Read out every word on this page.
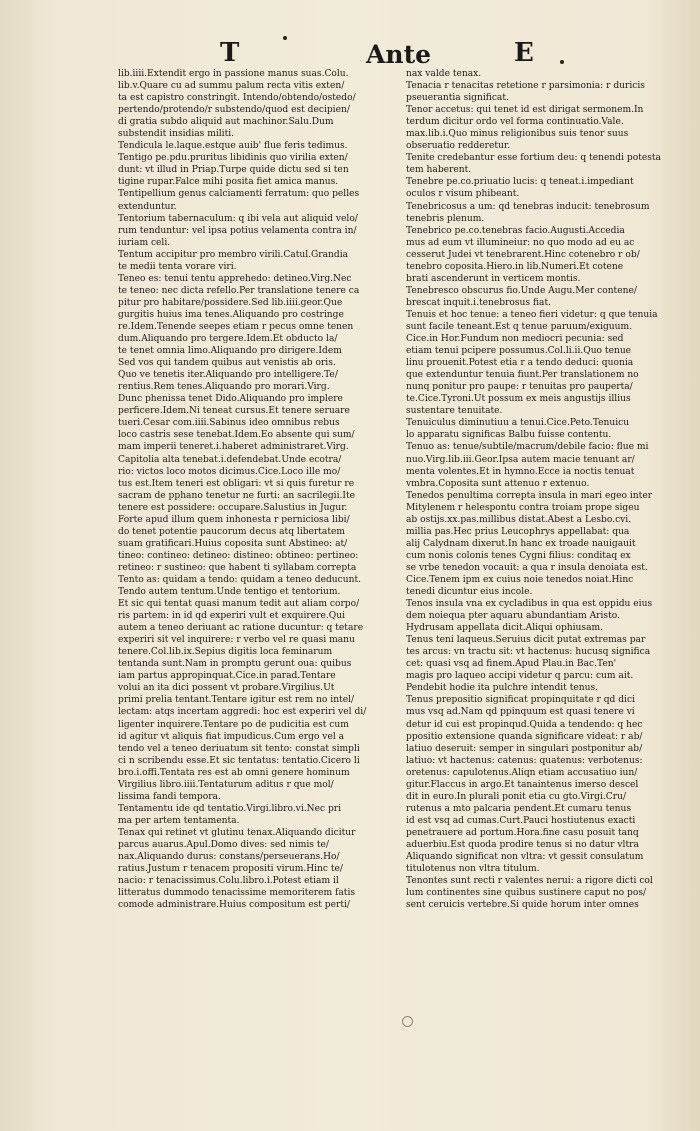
T	Ante	E
lib.iiii.Extendit ergo in passione manus suas.Colu.
lib.v.Quare cu ad summu palum recta vitis exten/
ta est capistro constringit. Intendo/obtendo/ostedo/
pertendo/protendo/r substendo/quod est decipien/
di gratia subdo aliquid aut machinor.Salu.Dum
substendit insidias militi.
Tendicula le.laque.estque auib' flue feris tedimus.
Tentigo pe.pdu.pruritus libidinis quo virilia exten/
dunt: vt illud in Priap.Turpe quide dictu sed si ten
tigine rupar.Falce mihi posita fiet amica manus.
Tentipellium genus calciamenti ferratum: quo pelles
extenduntur.
Tentorium tabernaculum: q ibi vela aut aliquid velo/
rum tenduntur: vel ipsa potius velamenta contra in/
iuriam celi.
Tentum accipitur pro membro virili.Catul.Grandia
te medii tenta vorare viri.
Teneo es: tenui tentu apprehedo: detineo.Virg.Nec
te teneo: nec dicta refello.Per translatione tenere ca
pitur pro habitare/possidere.Sed lib.iiii.geor.Que
gurgitis huius ima tenes.Aliquando pro costringe
re.Idem.Tenende seepes etiam r pecus omne tenen
dum.Aliquando pro tergere.Idem.Et obducto la/
te tenet omnia limo.Aliquando pro dirigere.Idem
Sed vos qui tandem quibus aut venistis ab oris.
Quo ve tenetis iter.Aliquando pro intelligere.Te/
rentius.Rem tenes.Aliquando pro morari.Virg.
Dunc phenissa tenet Dido.Aliquando pro implere
perficere.Idem.Ni teneat cursus.Et tenere seruare
tueri.Cesar com.iiii.Sabinus ideo omnibus rebus
loco castris sese tenebat.Idem.Eo absente qui sum/
mam imperii teneret.i.haberet administraret.Virg.
Capitolia alta tenebat.i.defendebat.Unde ecotra/
rio: victos loco motos dicimus.Cice.Loco ille mo/
tus est.Item teneri est obligari: vt si quis furetur re
sacram de pphano tenetur ne furti: an sacrilegii.Ite
tenere est possidere: occupare.Salustius in Jugur.
Forte apud illum quem inhonesta r perniciosa libi/
do tenet potentie paucorum decus atq libertatem
suam gratificari.Huius coposita sunt Abstineo: at/
tineo: contineo: detineo: distineo: obtineo: pertineo:
retineo: r sustineo: que habent ti syllabam correpta
Tento as: quidam a tendo: quidam a teneo deducunt.
Tendo autem tentum.Unde tentigo et tentorium.
Et sic qui tentat quasi manum tedit aut aliam corpo/
ris partem: in id qd experiri vult et exquirere.Qui
autem a teneo deriuant ac ratione ducuntur: q tetare
experiri sit vel inquirere: r verbo vel re quasi manu
tenere.Col.lib.ix.Sepius digitis loca feminarum
tentanda sunt.Nam in promptu gerunt oua: quibus
iam partus appropinquat.Cice.in parad.Tentare
volui an ita dici possent vt probare.Virgilius.Ut
primi prelia tentant.Tentare igitur est rem no intel/
lectam: atqs incertam aggredi: hoc est experiri vel di/
ligenter inquirere.Tentare po de pudicitia est cum
id agitur vt aliquis fiat impudicus.Cum ergo vel a
tendo vel a teneo deriuatum sit tento: constat simpli
ci n scribendu esse.Et sic tentatus: tentatio.Cicero li
bro.i.offi.Tentata res est ab omni genere hominum
Virgilius libro.iiii.Tentaturum aditus r que mol/
lissima fandi tempora.
Tentamentu ide qd tentatio.Virgi.libro.vi.Nec pri
ma per artem tentamenta.
Tenax qui retinet vt glutinu tenax.Aliquando dicitur
parcus auarus.Apul.Domo dives: sed nimis te/
nax.Aliquando durus: constans/perseuerans.Ho/
ratius.Justum r tenacem propositi virum.Hinc te/
nacio: r tenacissimus.Colu.libro.i.Potest etiam il
litteratus dummodo tenacissime memoriterem fatis
comode administrare.Huius compositum est perti/
nax valde tenax.
Tenacia r tenacitas retetione r parsimonia: r duricis
pseuerantia significat.
Tenor accetus: qui tenet id est dirigat sermonem.In
terdum dicitur ordo vel forma continuatio.Vale.
max.lib.i.Quo minus religionibus suis tenor suus
obseruatio redderetur.
Tenite credebantur esse fortium deu: q tenendi potesta
tem haberent.
Tenebre pe.co.priuatio lucis: q teneat.i.impediant
oculos r visum phibeant.
Tenebricosus a um: qd tenebras inducit: tenebrosum
tenebris plenum.
Tenebrico pe.co.tenebras facio.Augusti.Accedia
mus ad eum vt illumineiur: no quo modo ad eu ac
cesserut Judei vt tenebrarent.Hinc cotenebro r ob/
tenebro coposita.Hiero.in lib.Numeri.Et cotene
brati ascenderunt in verticem montis.
Tenebresco obscurus fio.Unde Augu.Mer contene/
brescat inquit.i.tenebrosus fiat.
Tenuis et hoc tenue: a teneo fieri videtur: q que tenuia
sunt facile teneant.Est q tenue paruum/exiguum.
Cice.in Hor.Fundum non mediocri pecunia: sed
etiam tenui pcipere possumus.Col.li.ii.Quo tenue
linu prouenit.Potest etia r a tendo deduci: quonia
que extenduntur tenuia fiunt.Per translationem no
nunq ponitur pro paupe: r tenuitas pro pauperta/
te.Cice.Tyroni.Ut possum ex meis angustijs illius
sustentare tenuitate.
Tenuiculus diminutiuu a tenui.Cice.Peto.Tenuicu
lo apparatu significas Balbu fuisse contentu.
Tenuo as: tenue/subtile/macrum/debile facio: flue mi
nuo.Virg.lib.iii.Geor.Ipsa autem macie tenuant ar/
menta volentes.Et in hymno.Ecce ia noctis tenuat
vmbra.Coposita sunt attenuo r extenuo.
Tenedos penultima correpta insula in mari egeo inter
Mitylenem r helespontu contra troiam prope sigeu
ab ostijs.xx.pas.millibus distat.Abest a Lesbo.cvi.
millia pas.Hec prius Leucophrys appellabat: qua
alij Calydnam dixerut.In hanc ex troade nauigauit
cum nonis colonis tenes Cygni filius: conditaq ex
se vrbe tenedon vocauit: a qua r insula denoiata est.
Cice.Tenem ipm ex cuius noie tenedos noiat.Hinc
tenedi dicuntur eius incole.
Tenos insula vna ex cycladibus in qua est oppidu eius
dem noiequa pter aquaru abundantiam Aristo.
Hydrusam appellata dicit.Aliqui ophiusam.
Tenus teni laqueus.Seruius dicit putat extremas par
tes arcus: vn tractu sit: vt hactenus: hucusq significa
cet: quasi vsq ad finem.Apud Plau.in Bac.Ten'
magis pro laqueo accipi videtur q parcu: cum ait.
Pendebit hodie ita pulchre intendit tenus.
Tenus prepositio significat propinquitate r qd dici
mus vsq ad.Nam qd ppinquum est quasi tenere vi
detur id cui est propinqud.Quida a tendendo: q hec
ppositio extensione quanda significare videat: r ab/
latiuo deseruit: semper in singulari postponitur ab/
latiuo: vt hactenus: catenus: quatenus: verbotenus:
oretenus: capulotenus.Aliqn etiam accusatiuo iun/
gitur.Flaccus in argo.Et tanaintenus imerso descel
dit in euro.In plurali ponit etia cu gto.Virgi.Cru/
rutenus a mto palcaria pendent.Et cumaru tenus
id est vsq ad cumas.Curt.Pauci hostiutenus exacti
penetrauere ad portum.Hora.fine casu posuit tanq
aduerbiu.Est quoda prodire tenus si no datur vltra
Aliquando significat non vltra: vt gessit consulatum
titulotenus non vltra titulum.
Tenontes sunt recti r valentes nerui: a rigore dicti col
lum continentes sine quibus sustinere caput no pos/
sent ceruicis vertebre.Si quide horum inter omnes
